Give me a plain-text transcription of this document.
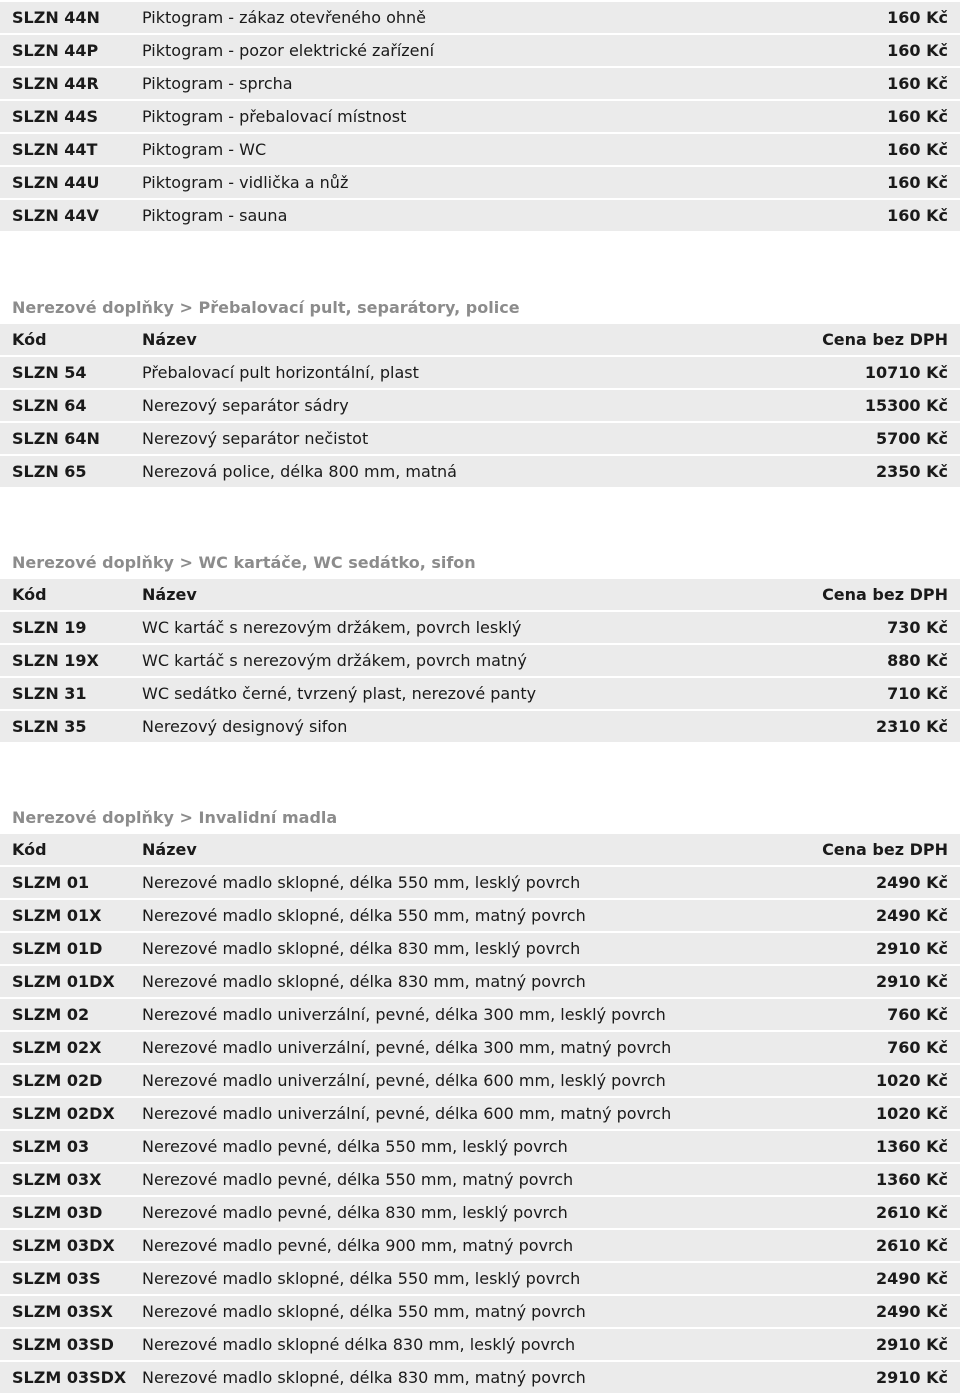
SLZN 44N	Piktogram - zákaz otevřeného ohně	160 Kč
SLZN 44P	Piktogram - pozor elektrické zařízení	160 Kč
SLZN 44R	Piktogram - sprcha	160 Kč
SLZN 44S	Piktogram - přebalovací místnost	160 Kč
SLZN 44T	Piktogram - WC	160 Kč
SLZN 44U	Piktogram - vidlička a nůž	160 Kč
SLZN 44V	Piktogram - sauna	160 Kč
Nerezové doplňky > Přebalovací pult, separátory, police
Kód	Název	Cena bez DPH
SLZN 54	Přebalovací pult horizontální, plast	10710 Kč
SLZN 64	Nerezový separátor sádry	15300 Kč
SLZN 64N	Nerezový separátor nečistot	5700 Kč
SLZN 65	Nerezová police, délka 800 mm, matná	2350 Kč
Nerezové doplňky > WC kartáče, WC sedátko, sifon
Kód	Název	Cena bez DPH
SLZN 19	WC kartáč s nerezovým držákem, povrch lesklý	730 Kč
SLZN 19X	WC kartáč s nerezovým držákem, povrch matný	880 Kč
SLZN 31	WC sedátko černé, tvrzený plast, nerezové panty	710 Kč
SLZN 35	Nerezový designový sifon	2310 Kč
Nerezové doplňky > Invalidní madla
Kód	Název	Cena bez DPH
SLZM 01	Nerezové madlo sklopné, délka 550 mm, lesklý povrch	2490 Kč
SLZM 01X	Nerezové madlo sklopné, délka 550 mm, matný povrch	2490 Kč
SLZM 01D	Nerezové madlo sklopné, délka 830 mm, lesklý povrch	2910 Kč
SLZM 01DX	Nerezové madlo sklopné, délka 830 mm, matný povrch	2910 Kč
SLZM 02	Nerezové madlo univerzální, pevné, délka 300 mm, lesklý povrch	760 Kč
SLZM 02X	Nerezové madlo univerzální, pevné, délka 300 mm, matný povrch	760 Kč
SLZM 02D	Nerezové madlo univerzální, pevné, délka 600 mm, lesklý povrch	1020 Kč
SLZM 02DX	Nerezové madlo univerzální, pevné, délka 600 mm, matný povrch	1020 Kč
SLZM 03	Nerezové madlo pevné, délka 550 mm, lesklý povrch	1360 Kč
SLZM 03X	Nerezové madlo pevné, délka 550 mm, matný povrch	1360 Kč
SLZM 03D	Nerezové madlo pevné, délka 830 mm, lesklý povrch	2610 Kč
SLZM 03DX	Nerezové madlo pevné, délka 900 mm, matný povrch	2610 Kč
SLZM 03S	Nerezové madlo sklopné, délka 550 mm, lesklý povrch	2490 Kč
SLZM 03SX	Nerezové madlo sklopné, délka 550 mm, matný povrch	2490 Kč
SLZM 03SD	Nerezové madlo sklopné délka 830 mm, lesklý povrch	2910 Kč
SLZM 03SDX	Nerezové madlo sklopné, délka 830 mm, matný povrch	2910 Kč
